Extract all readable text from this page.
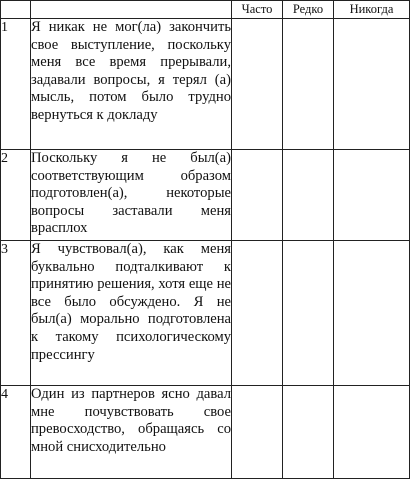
		Часто	Редко	Никогда
1	Я никак не мог(ла) закончить свое выступление, поскольку меня все время прерывали, задавали вопросы, я терял (а) мысль, потом было трудно вернуться к докладу			
2	Поскольку я не был(а) соответствующим образом подготовлен(а), некоторые вопросы заставали меня врасплох			
3	Я чувствовал(а), как меня буквально подталкивают к принятию решения, хотя еще не все было обсуждено. Я не был(а) морально подготовлена к такому психологическому прессингу			
4	Один из партнеров ясно давал мне почувствовать свое превосходство, обращаясь со мной снисходительно			
